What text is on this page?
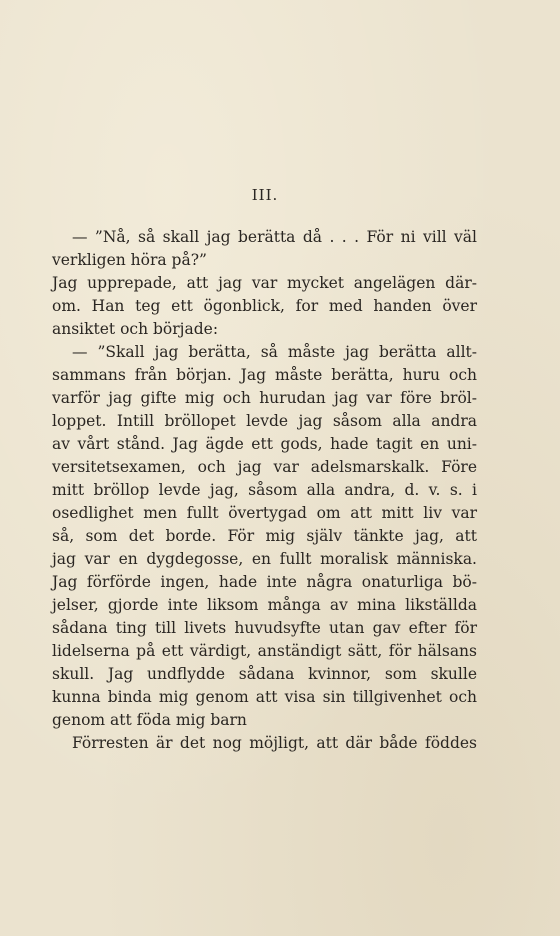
III.
— ”Nå, så skall jag berätta då . . . För ni vill väl
verkligen höra på?”
Jag upprepade, att jag var mycket angelägen där-
om. Han teg ett ögonblick, for med handen över
ansiktet och började:
— ”Skall jag berätta, så måste jag berätta allt-
sammans från början. Jag måste berätta, huru och
varför jag gifte mig och hurudan jag var före bröl-
loppet. Intill bröllopet levde jag såsom alla andra
av vårt stånd. Jag ägde ett gods, hade tagit en uni-
versitetsexamen, och jag var adelsmarskalk. Före
mitt bröllop levde jag, såsom alla andra, d. v. s. i
osedlighet men fullt övertygad om att mitt liv var
så, som det borde. För mig själv tänkte jag, att
jag var en dygdegosse, en fullt moralisk människa.
Jag förförde ingen, hade inte några onaturliga bö-
jelser, gjorde inte liksom många av mina likställda
sådana ting till livets huvudsyfte utan gav efter för
lidelserna på ett värdigt, anständigt sätt, för hälsans
skull. Jag undflydde sådana kvinnor, som skulle
kunna binda mig genom att visa sin tillgivenhet och
genom att föda mig barn
Förresten är det nog möjligt, att där både föddes
